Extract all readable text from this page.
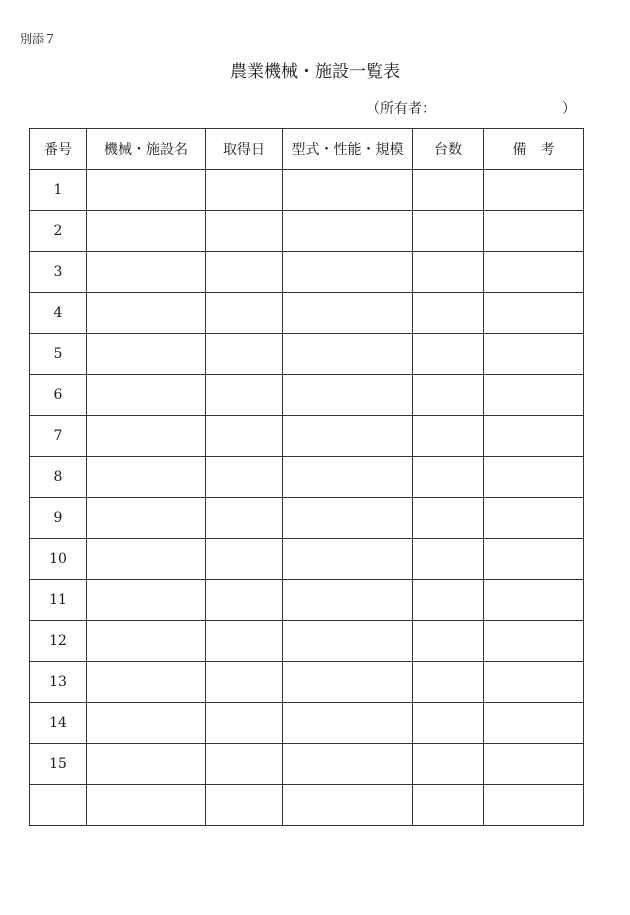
別添７
農業機械・施設一覧表
（所有者：	）
番号	機械・施設名	取得日	型式・性能・規模	台数	備　考
1					
2					
3					
4					
5					
6					
7					
8					
9					
10					
11					
12					
13					
14					
15					
